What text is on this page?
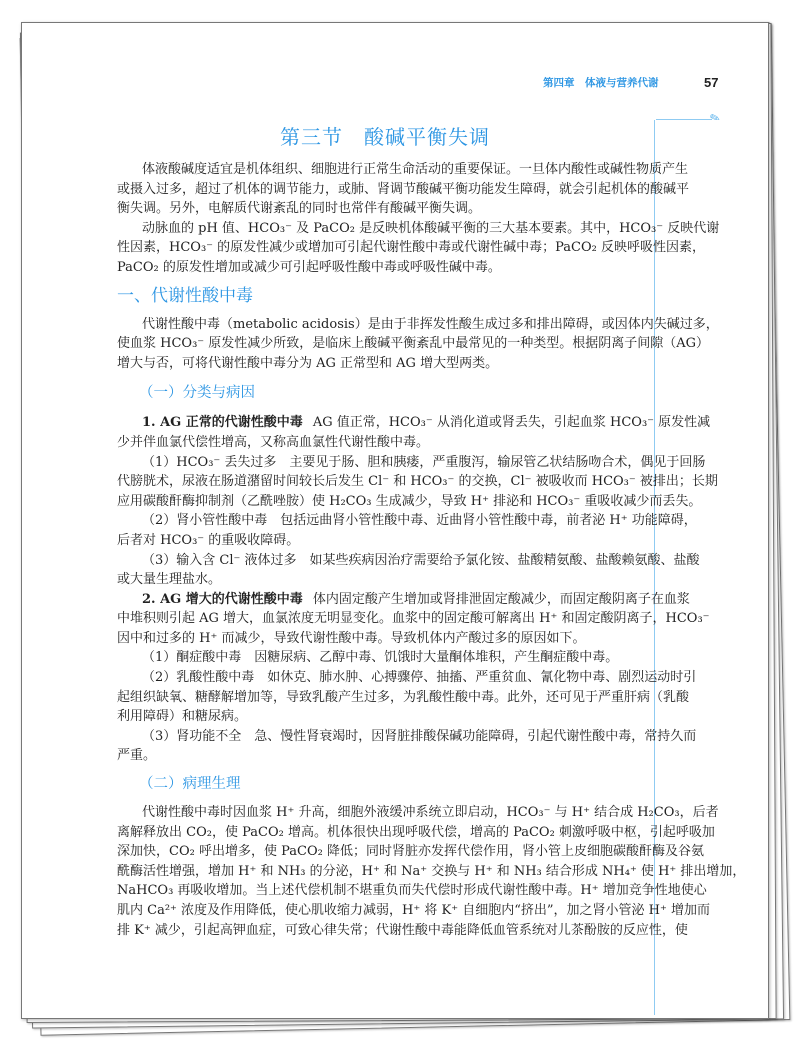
第四章　体液与营养代谢	57
✎
第三节　酸碱平衡失调
体液酸碱度适宜是机体组织、细胞进行正常生命活动的重要保证。一旦体内酸性或碱性物质产生
或摄入过多，超过了机体的调节能力，或肺、肾调节酸碱平衡功能发生障碍，就会引起机体的酸碱平
衡失调。另外，电解质代谢紊乱的同时也常伴有酸碱平衡失调。
动脉血的 pH 值、HCO₃⁻ 及 PaCO₂ 是反映机体酸碱平衡的三大基本要素。其中，HCO₃⁻ 反映代谢
性因素，HCO₃⁻ 的原发性减少或增加可引起代谢性酸中毒或代谢性碱中毒；PaCO₂ 反映呼吸性因素，
PaCO₂ 的原发性增加或减少可引起呼吸性酸中毒或呼吸性碱中毒。
一、代谢性酸中毒
代谢性酸中毒（metabolic acidosis）是由于非挥发性酸生成过多和排出障碍，或因体内失碱过多，
使血浆 HCO₃⁻ 原发性减少所致，是临床上酸碱平衡紊乱中最常见的一种类型。根据阴离子间隙（AG）
增大与否，可将代谢性酸中毒分为 AG 正常型和 AG 增大型两类。
（一）分类与病因
1. AG 正常的代谢性酸中毒 AG 值正常，HCO₃⁻ 从消化道或肾丢失，引起血浆 HCO₃⁻ 原发性减
少并伴血氯代偿性增高，又称高血氯性代谢性酸中毒。
（1）HCO₃⁻ 丢失过多　主要见于肠、胆和胰瘘，严重腹泻，输尿管乙状结肠吻合术，偶见于回肠
代膀胱术，尿液在肠道潴留时间较长后发生 Cl⁻ 和 HCO₃⁻ 的交换，Cl⁻ 被吸收而 HCO₃⁻ 被排出；长期
应用碳酸酐酶抑制剂（乙酰唑胺）使 H₂CO₃ 生成减少，导致 H⁺ 排泌和 HCO₃⁻ 重吸收减少而丢失。
（2）肾小管性酸中毒　包括远曲肾小管性酸中毒、近曲肾小管性酸中毒，前者泌 H⁺ 功能障碍，
后者对 HCO₃⁻ 的重吸收障碍。
（3）输入含 Cl⁻ 液体过多　如某些疾病因治疗需要给予氯化铵、盐酸精氨酸、盐酸赖氨酸、盐酸
或大量生理盐水。
2. AG 增大的代谢性酸中毒 体内固定酸产生增加或肾排泄固定酸减少，而固定酸阴离子在血浆
中堆积则引起 AG 增大，血氯浓度无明显变化。血浆中的固定酸可解离出 H⁺ 和固定酸阴离子，HCO₃⁻
因中和过多的 H⁺ 而减少，导致代谢性酸中毒。导致机体内产酸过多的原因如下。
（1）酮症酸中毒　因糖尿病、乙醇中毒、饥饿时大量酮体堆积，产生酮症酸中毒。
（2）乳酸性酸中毒　如休克、肺水肿、心搏骤停、抽搐、严重贫血、氰化物中毒、剧烈运动时引
起组织缺氧、糖酵解增加等，导致乳酸产生过多，为乳酸性酸中毒。此外，还可见于严重肝病（乳酸
利用障碍）和糖尿病。
（3）肾功能不全　急、慢性肾衰竭时，因肾脏排酸保碱功能障碍，引起代谢性酸中毒，常持久而
严重。
（二）病理生理
代谢性酸中毒时因血浆 H⁺ 升高，细胞外液缓冲系统立即启动，HCO₃⁻ 与 H⁺ 结合成 H₂CO₃，后者
离解释放出 CO₂，使 PaCO₂ 增高。机体很快出现呼吸代偿，增高的 PaCO₂ 刺激呼吸中枢，引起呼吸加
深加快，CO₂ 呼出增多，使 PaCO₂ 降低；同时肾脏亦发挥代偿作用，肾小管上皮细胞碳酸酐酶及谷氨
酰酶活性增强，增加 H⁺ 和 NH₃ 的分泌，H⁺ 和 Na⁺ 交换与 H⁺ 和 NH₃ 结合形成 NH₄⁺ 使 H⁺ 排出增加，
NaHCO₃ 再吸收增加。当上述代偿机制不堪重负而失代偿时形成代谢性酸中毒。H⁺ 增加竞争性地使心
肌内 Ca²⁺ 浓度及作用降低，使心肌收缩力减弱，H⁺ 将 K⁺ 自细胞内“挤出”，加之肾小管泌 H⁺ 增加而
排 K⁺ 减少，引起高钾血症，可致心律失常；代谢性酸中毒能降低血管系统对儿茶酚胺的反应性，使
